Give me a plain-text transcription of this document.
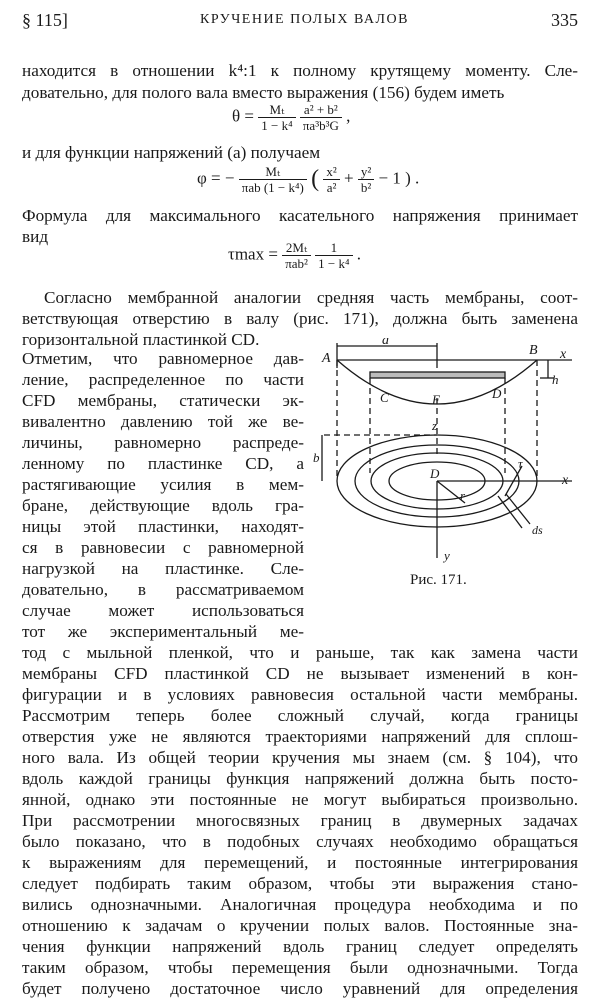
§ 115]	КРУЧЕНИЕ ПОЛЫХ ВАЛОВ	335
находится в отношении k⁴:1 к полному крутящему моменту. Сле-
довательно, для полого вала вместо выражения (156) будем иметь
$\theta = \frac{\text{Mₜ}}{\text{1 − k⁴}}$
$\frac{\text{a² + b²}}{\text{πa³b³G}}$ ,
и для функции напряжений (а) получаем
φ = − $\frac{\text{Mₜ}}{\text{πab (1 − k⁴)}}$ ( $\frac{\text{x²}}{\text{a²}} + \frac{\text{y²}}{\text{b²}} - 1$ ) .
Формула для максимального касательного напряжения принимает
вид
$\tau\max = \frac{\text{2Mₜ}}{\text{πab²}}$
$\frac{1}{\text{1 − k⁴}}$ .
Согласно мембранной аналогии средняя часть мембраны, соот-
ветствующая отверстию в валу (рис. 171), должна быть заменена
горизонтальной пластинкой CD.
Отметим, что равномерное дав-
ление, распределенное по части
CFD мембраны, статически эк-
вивалентно давлению той же ве-
личины, равномерно распреде-
ленному по пластинке CD, а
растягивающие усилия в мем-
бране, действующие вдоль гра-
ницы этой пластинки, находят-
ся в равновесии с равномерной
нагрузкой на пластинке. Сле-
довательно, в рассматриваемом
случае может использоваться
тот же экспериментальный ме-
тод с мыльной пленкой, что и раньше, так как замена части
мембраны CFD пластинкой CD не вызывает изменений в кон-
фигурации и в условиях равновесия остальной части мембраны.
Рассмотрим теперь более сложный случай, когда границы
отверстия уже не являются траекториями напряжений для сплош-
ного вала. Из общей теории кручения мы знаем (см. § 104), что
вдоль каждой границы функция напряжений должна быть посто-
янной, однако эти постоянные не могут выбираться произвольно.
При рассмотрении многосвязных границ в двумерных задачах
было показано, что в подобных случаях необходимо обращаться
к выражениям для перемещений, и постоянные интегрирования
следует подбирать таким образом, чтобы эти выражения стано-
вились однозначными. Аналогичная процедура необходима и по
отношению к задачам о кручении полых валов. Постоянные зна-
чения функции напряжений вдоль границ следует определять
таким образом, чтобы перемещения были однозначными. Тогда
будет получено достаточное число уравнений для определения
A
a
B x
h
C	D
F
z
b
D
r
τ
x
ds
y
Рис. 171.
